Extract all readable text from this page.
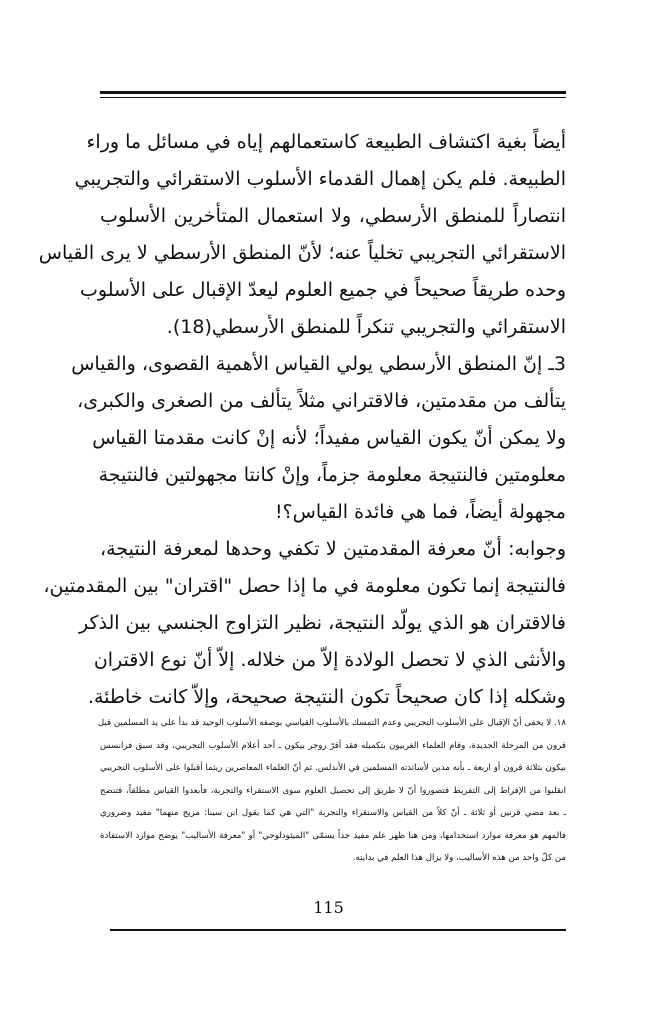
أيضاً بغية اكتشاف الطبيعة كاستعمالهم إياه في مسائل ما وراء
الطبيعة. فلم يكن إهمال القدماء الأسلوب الاستقرائي والتجريبي
انتصاراً للمنطق الأرسطي، ولا استعمال المتأخرين الأسلوب
الاستقرائي التجريبي تخلياً عنه؛ لأنّ المنطق الأرسطي لا يرى القياس
وحده طريقاً صحيحاً في جميع العلوم ليعدّ الإقبال على الأسلوب
الاستقرائي والتجريبي تنكراً للمنطق الأرسطي(18).
3ـ إنّ المنطق الأرسطي يولي القياس الأهمية القصوى، والقياس
يتألف من مقدمتين، فالاقتراني مثلاً يتألف من الصغرى والكبرى،
ولا يمكن أنّ يكون القياس مفيداً؛ لأنه إنْ كانت مقدمتا القياس
معلومتين فالنتيجة معلومة جزماً، وإنْ كانتا مجهولتين فالنتيجة
مجهولة أيضاً، فما هي فائدة القياس؟!
وجوابه: أنّ معرفة المقدمتين لا تكفي وحدها لمعرفة النتيجة،
فالنتيجة إنما تكون معلومة في ما إذا حصل "اقتران" بين المقدمتين،
فالاقتران هو الذي يولّد النتيجة، نظير التزاوج الجنسي بين الذكر
والأنثى الذي لا تحصل الولادة إلاّ من خلاله. إلاّ أنّ نوع الاقتران
وشكله إذا كان صحيحاً تكون النتيجة صحيحة، وإلاّ كانت خاطئة.
١٨. لا يخفى أنّ الإقبال على الأسلوب التجريبي وعدم التمسك بالأسلوب القياسي بوصفه الأسلوب الوحيد قد بدأ على يد المسلمين قبل
قرون من المرحلة الجديدة، وقام العلماء الغربيون بتكميله فقد أقرّ روجر بيكون ـ أحد أعلام الأسلوب التجريبي، وقد سبق فرانسس
بيكون بثلاثة قرون أو اربعة ـ بأنه مدين لأساتذته المسلمين في الأندلس. ثم أنّ العلماء المعاصرين ريثما أقبلوا على الأسلوب التجريبي
انقلبوا من الإفراط إلى التفريط فتصوروا أنّ لا طريق إلى تحصيل العلوم سوى الاستقراء والتجربة، فأبعدوا القياس مطلقاً، فتتضح
ـ بعد مضي قرنين أو ثلاثة ـ أنّ كلاً من القياس والاستقراء والتجربة "التي هي كما يقول ابن سينا: مزيج منهما" مفيد وضروري
فالمهم هو معرفة موارد استخدامها، ومن هنا ظهر علم مفيد جداً يسمّى "الميثودلوجي" أو "معرفة الأساليب" يوضح موارد الاستفادة
من كلّ واحد من هذه الأساليب، ولا يزال هذا العلم في بدايته.
115
